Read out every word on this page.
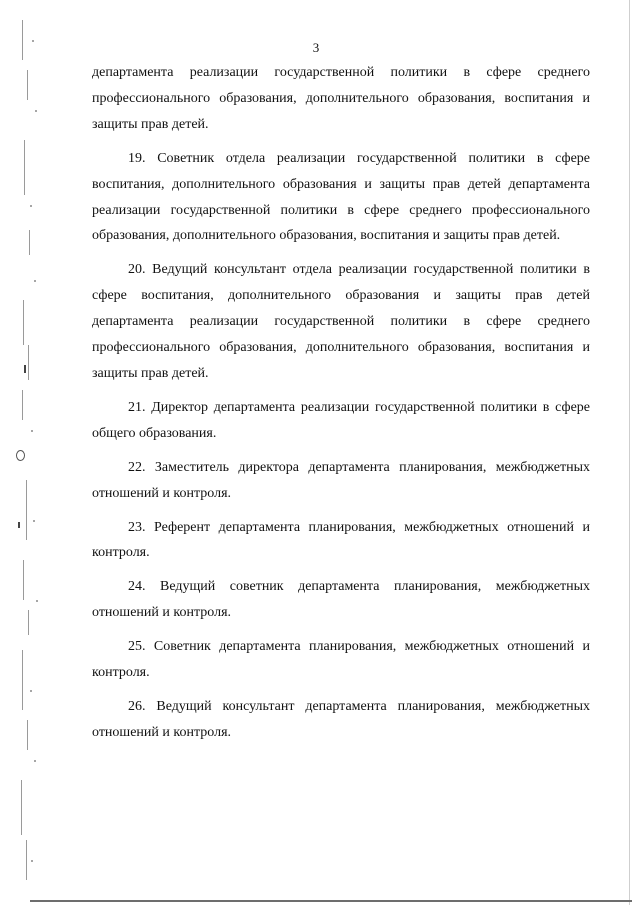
3

департамента реализации государственной политики в сфере среднего профессионального образования, дополнительного образования, воспитания и защиты прав детей.

19. Советник отдела реализации государственной политики в сфере воспитания, дополнительного образования и защиты прав детей департамента реализации государственной политики в сфере среднего профессионального образования, дополнительного образования, воспитания и защиты прав детей.

20. Ведущий консультант отдела реализации государственной политики в сфере воспитания, дополнительного образования и защиты прав детей департамента реализации государственной политики в сфере среднего профессионального образования, дополнительного образования, воспитания и защиты прав детей.

21. Директор департамента реализации государственной политики в сфере общего образования.

22. Заместитель директора департамента планирования, межбюджетных отношений и контроля.

23. Референт департамента планирования, межбюджетных отношений и контроля.

24. Ведущий советник департамента планирования, межбюджетных отношений и контроля.

25. Советник департамента планирования, межбюджетных отношений и контроля.

26. Ведущий консультант департамента планирования, межбюджетных отношений и контроля.
